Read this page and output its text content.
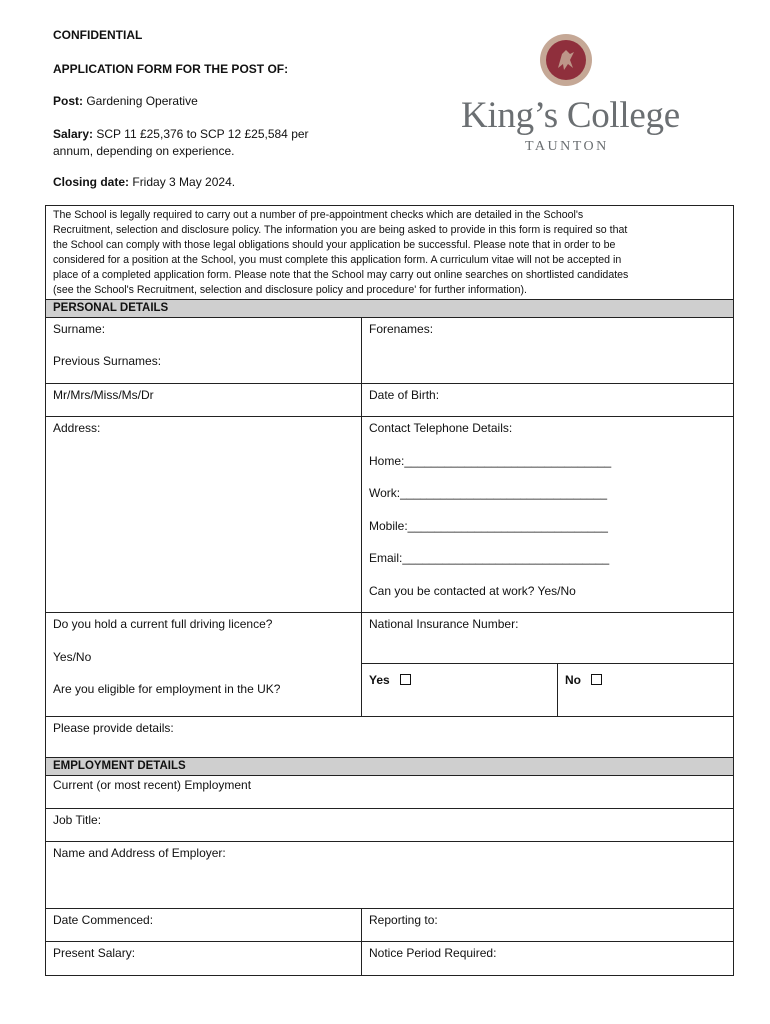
CONFIDENTIAL
APPLICATION FORM FOR THE POST OF:
Post: Gardening Operative
Salary: SCP 11 £25,376 to SCP 12 £25,584 per
annum, depending on experience.
Closing date: Friday 3 May 2024.
King’s College
TAUNTON
The School is legally required to carry out a number of pre-appointment checks which are detailed in the School's
Recruitment, selection and disclosure policy. The information you are being asked to provide in this form is required so that
the School can comply with those legal obligations should your application be successful. Please note that in order to be
considered for a position at the School, you must complete this application form. A curriculum vitae will not be accepted in
place of a completed application form. Please note that the School may carry out online searches on shortlisted candidates
(see the School's Recruitment, selection and disclosure policy and procedure' for further information).
PERSONAL DETAILS
Surname:
Previous Surnames:
Forenames:
Mr/Mrs/Miss/Ms/Dr	Date of Birth:
Address:	Contact Telephone Details:
Home:_______________________________
Work:_______________________________
Mobile:______________________________
Email:_______________________________
Can you be contacted at work? Yes/No
Do you hold a current full driving licence?
Yes/No
Are you eligible for employment in the UK?
National Insurance Number:
Yes	No
Please provide details:
EMPLOYMENT DETAILS
Current (or most recent) Employment
Job Title:
Name and Address of Employer:
Date Commenced:	Reporting to:
Present Salary:	Notice Period Required:
